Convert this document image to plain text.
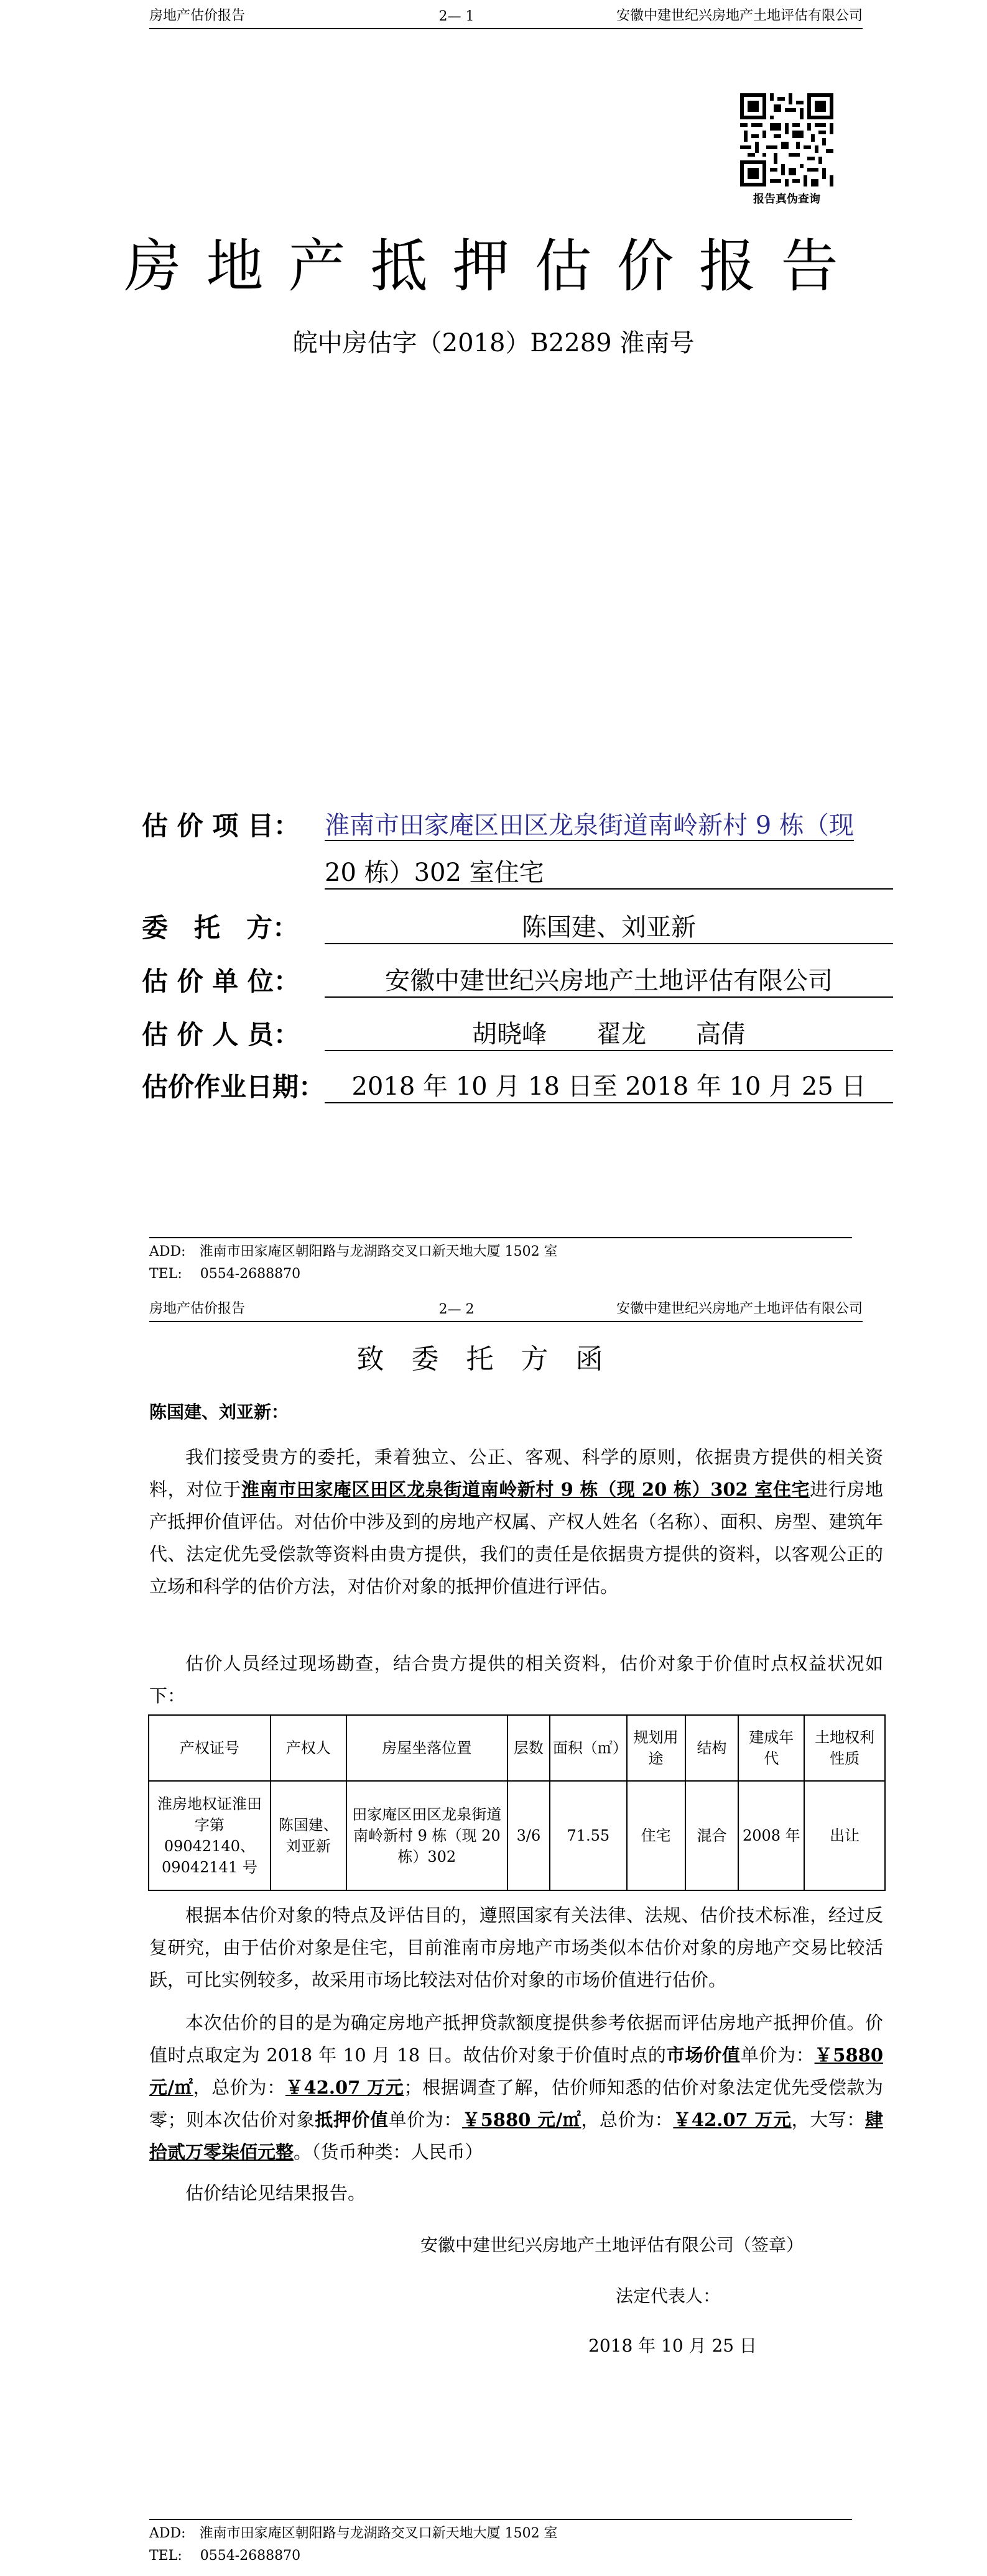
房地产估价报告	2— 1	安徽中建世纪兴房地产土地评估有限公司
报告真伪查询
房地产抵押估价报告
皖中房估字（2018）B2289 淮南号
估 价 项 目： 淮南市田家庵区田区龙泉街道南岭新村 9 栋（现
20 栋）302 室住宅
委　托　方：	陈国建、刘亚新
估 价 单 位：	安徽中建世纪兴房地产土地评估有限公司
估 价 人 员：	胡晓峰　　翟龙　　高倩
估价作业日期：	2018 年 10 月 18 日至 2018 年 10 月 25 日
ADD:　淮南市田家庵区朝阳路与龙湖路交叉口新天地大厦 1502 室
TEL:　 0554-2688870
房地产估价报告	2— 2	安徽中建世纪兴房地产土地评估有限公司
致委托方函
陈国建、刘亚新：
我们接受贵方的委托，秉着独立、公正、客观、科学的原则，依据贵方提供的相关资料，对位于淮南市田家庵区田区龙泉街道南岭新村 9 栋（现 20 栋）302 室住宅进行房地产抵押价值评估。对估价中涉及到的房地产权属、产权人姓名（名称）、面积、房型、建筑年代、法定优先受偿款等资料由贵方提供，我们的责任是依据贵方提供的资料，以客观公正的立场和科学的估价方法，对估价对象的抵押价值进行评估。
估价人员经过现场勘查，结合贵方提供的相关资料，估价对象于价值时点权益状况如下：
产权证号	产权人	房屋坐落位置	层数	面积（㎡）	规划用途	结构	建成年代	土地权利性质
淮房地权证淮田字第 09042140、09042141 号	陈国建、刘亚新	田家庵区田区龙泉街道南岭新村 9 栋（现 20 栋）302	3/6	71.55	住宅	混合	2008 年	出让
根据本估价对象的特点及评估目的，遵照国家有关法律、法规、估价技术标准，经过反复研究，由于估价对象是住宅，目前淮南市房地产市场类似本估价对象的房地产交易比较活跃，可比实例较多，故采用市场比较法对估价对象的市场价值进行估价。
本次估价的目的是为确定房地产抵押贷款额度提供参考依据而评估房地产抵押价值。价值时点取定为 2018 年 10 月 18 日。故估价对象于价值时点的市场价值单价为：￥5880 元/㎡，总价为：￥42.07 万元；根据调查了解，估价师知悉的估价对象法定优先受偿款为零；则本次估价对象抵押价值单价为：￥5880 元/㎡，总价为：￥42.07 万元，大写：肆拾贰万零柒佰元整。（货币种类：人民币）
估价结论见结果报告。
安徽中建世纪兴房地产土地评估有限公司（签章）
法定代表人：
2018 年 10 月 25 日
ADD:　淮南市田家庵区朝阳路与龙湖路交叉口新天地大厦 1502 室
TEL:　 0554-2688870
